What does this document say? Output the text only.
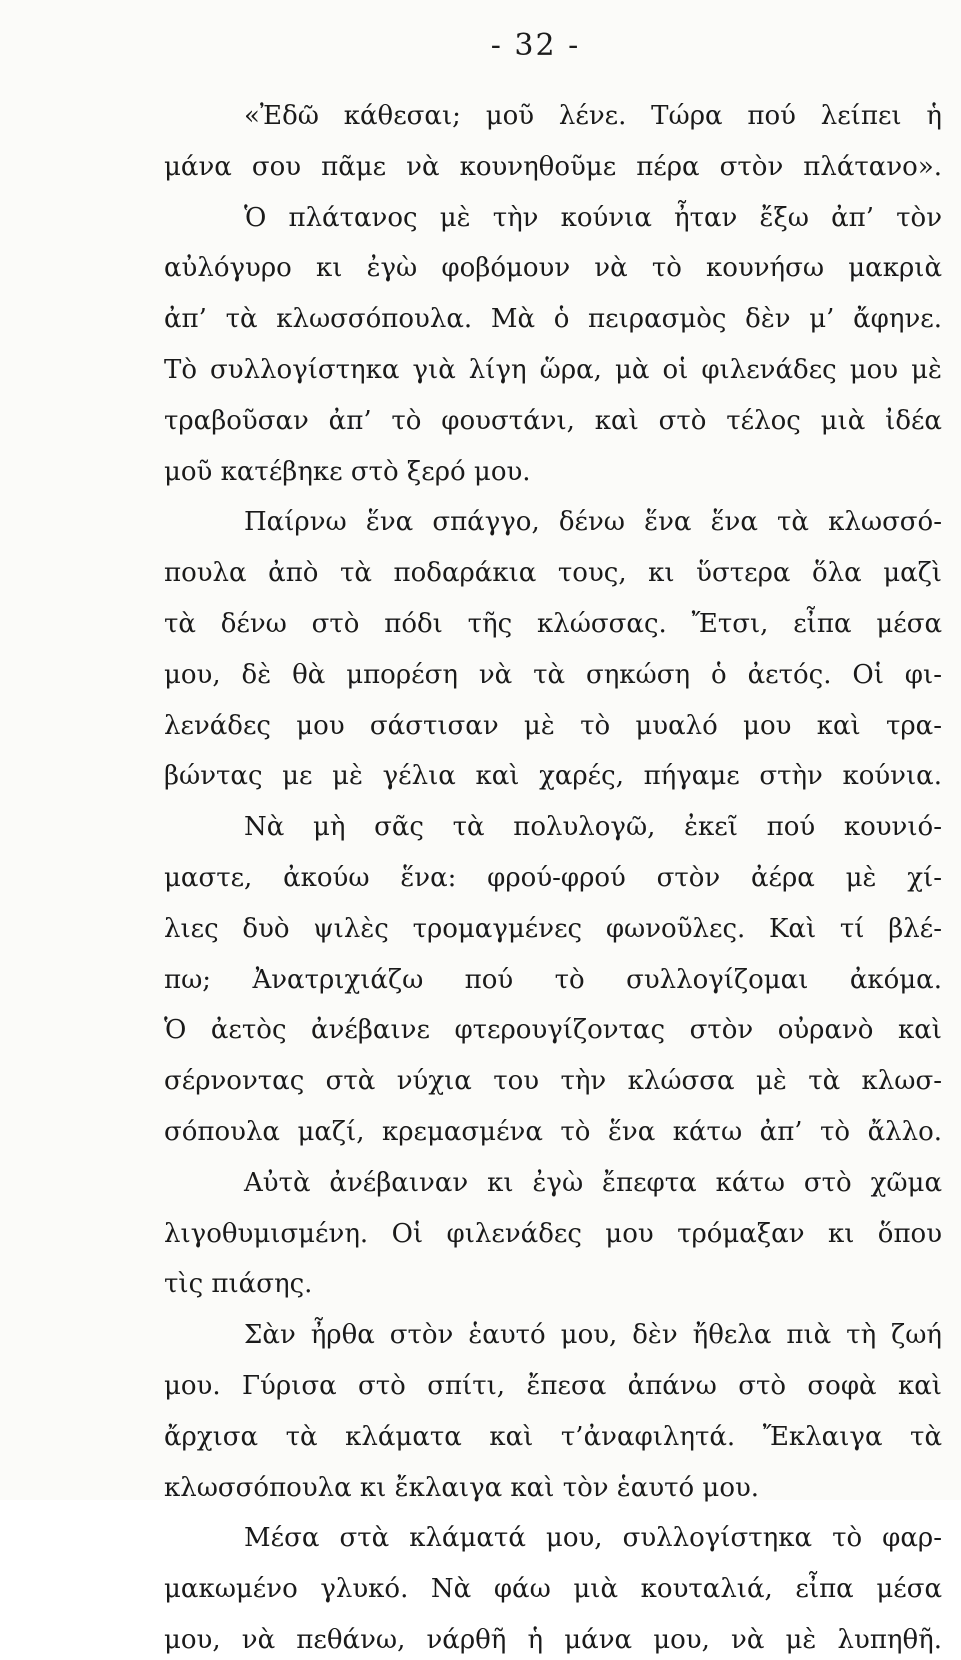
- 32 -
«Ἐδῶ κάθεσαι; μοῦ λένε. Τώρα πού λείπει ἡ
μάνα σου πᾶμε νὰ κουνηθοῦμε πέρα στὸν πλάτανο».
Ὁ πλάτανος μὲ τὴν κούνια ἦταν ἔξω ἀπ’ τὸν
αὐλόγυρο κι ἐγὼ φοβόμουν νὰ τὸ κουνήσω μακριὰ
ἀπ’ τὰ κλωσσόπουλα. Μὰ ὁ πειρασμὸς δὲν μ’ ἄφηνε.
Τὸ συλλογίστηκα γιὰ λίγη ὥρα, μὰ οἱ φιλενάδες μου μὲ
τραβοῦσαν ἀπ’ τὸ φουστάνι, καὶ στὸ τέλος μιὰ ἰδέα
μοῦ κατέβηκε στὸ ξερό μου.
Παίρνω ἕνα σπάγγο, δένω ἕνα ἕνα τὰ κλωσσό-
πουλα ἀπὸ τὰ ποδαράκια τους, κι ὕστερα ὅλα μαζὶ
τὰ δένω στὸ πόδι τῆς κλώσσας. Ἔτσι, εἶπα μέσα
μου, δὲ θὰ μπορέση νὰ τὰ σηκώση ὁ ἀετός. Οἱ φι-
λενάδες μου σάστισαν μὲ τὸ μυαλό μου καὶ τρα-
βώντας με μὲ γέλια καὶ χαρές, πήγαμε στὴν κούνια.
Νὰ μὴ σᾶς τὰ πολυλογῶ, ἐκεῖ πού κουνιό-
μαστε, ἀκούω ἕνα: φρού-φρού στὸν ἀέρα μὲ χί-
λιες δυὸ ψιλὲς τρομαγμένες φωνοῦλες. Καὶ τί βλέ-
πω; Ἀνατριχιάζω πού τὸ συλλογίζομαι ἀκόμα.
Ὁ ἀετὸς ἀνέβαινε φτερουγίζοντας στὸν οὐρανὸ καὶ
σέρνοντας στὰ νύχια του τὴν κλώσσα μὲ τὰ κλωσ-
σόπουλα μαζί, κρεμασμένα τὸ ἕνα κάτω ἀπ’ τὸ ἄλλο.
Αὐτὰ ἀνέβαιναν κι ἐγὼ ἔπεφτα κάτω στὸ χῶμα
λιγοθυμισμένη. Οἱ φιλενάδες μου τρόμαξαν κι ὅπου
τὶς πιάσης.
Σὰν ἦρθα στὸν ἑαυτό μου, δὲν ἤθελα πιὰ τὴ ζωή
μου. Γύρισα στὸ σπίτι, ἔπεσα ἀπάνω στὸ σοφὰ καὶ
ἄρχισα τὰ κλάματα καὶ τ’ἀναφιλητά. Ἔκλαιγα τὰ
κλωσσόπουλα κι ἔκλαιγα καὶ τὸν ἑαυτό μου.
Μέσα στὰ κλάματά μου, συλλογίστηκα τὸ φαρ-
μακωμένο γλυκό. Νὰ φάω μιὰ κουταλιά, εἶπα μέσα
μου, νὰ πεθάνω, νάρθῆ ἡ μάνα μου, νὰ μὲ λυπηθῆ.
